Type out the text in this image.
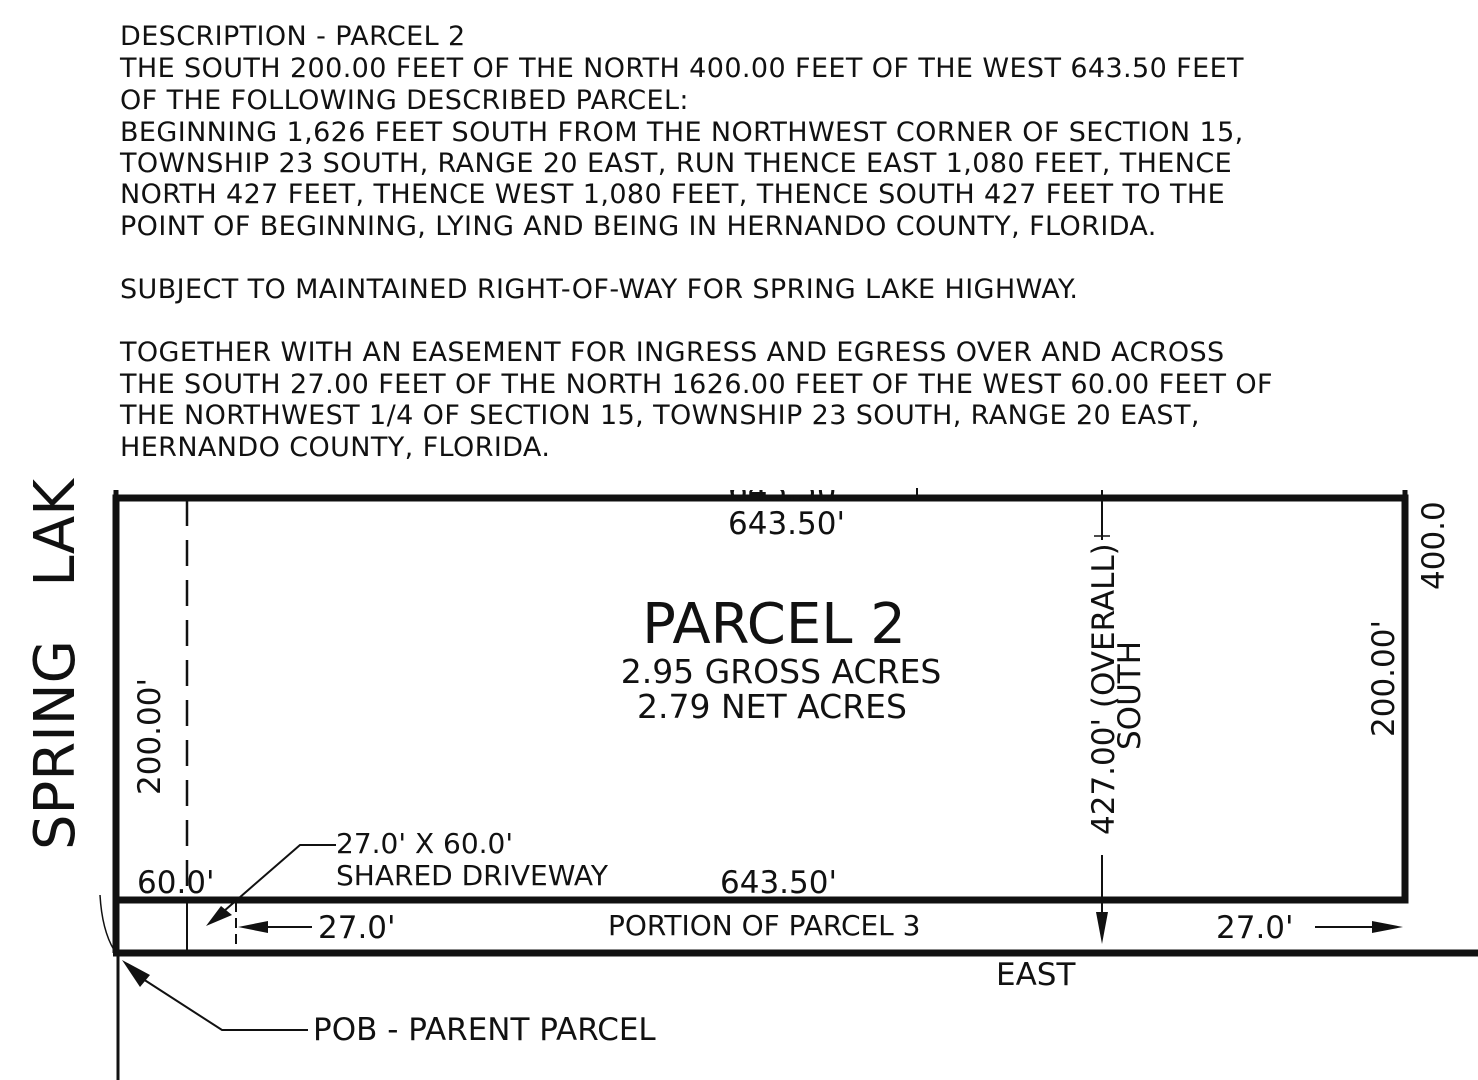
DESCRIPTION - PARCEL 2
THE SOUTH 200.00 FEET OF THE NORTH 400.00 FEET OF THE WEST 643.50 FEET
OF THE FOLLOWING DESCRIBED PARCEL:
BEGINNING 1,626 FEET SOUTH FROM THE NORTHWEST CORNER OF SECTION 15,
TOWNSHIP 23 SOUTH, RANGE 20 EAST, RUN THENCE EAST 1,080 FEET, THENCE
NORTH 427 FEET, THENCE WEST 1,080 FEET, THENCE SOUTH 427 FEET TO THE
POINT OF BEGINNING, LYING AND BEING IN HERNANDO COUNTY, FLORIDA.
SUBJECT TO MAINTAINED RIGHT-OF-WAY FOR SPRING LAKE HIGHWAY.
TOGETHER WITH AN EASEMENT FOR INGRESS AND EGRESS OVER AND ACROSS
THE SOUTH 27.00 FEET OF THE NORTH 1626.00 FEET OF THE WEST 60.00 FEET OF
THE NORTHWEST 1/4 OF SECTION 15, TOWNSHIP 23 SOUTH, RANGE 20 EAST,
HERNANDO COUNTY, FLORIDA.
SPRING   LAK	643.50'
PARCEL 2
2.95 GROSS ACRES
2.79 NET ACRES
200.00'	200.00'
400.0
427.00' (OVERALL)
SOUTH
27.0' X 60.0'
SHARED DRIVEWAY
60.0'	643.50'
27.0'	PORTION OF PARCEL 3	27.0'
EAST
POB - PARENT PARCEL
